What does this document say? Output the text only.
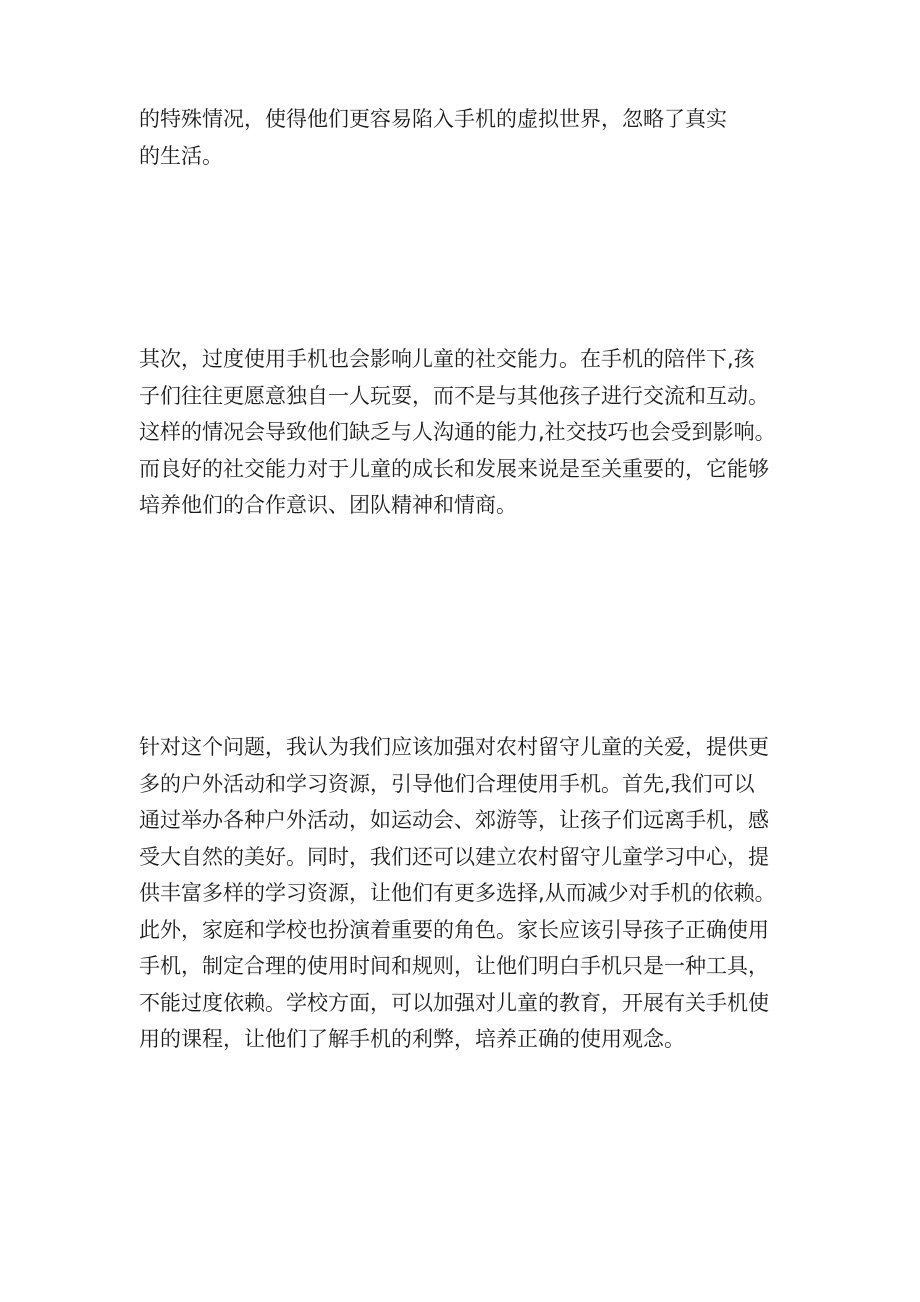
的特殊情况，使得他们更容易陷入手机的虚拟世界，忽略了真实
的生活。
其次，过度使用手机也会影响儿童的社交能力。在手机的陪伴下,孩
子们往往更愿意独自一人玩耍，而不是与其他孩子进行交流和互动。
这样的情况会导致他们缺乏与人沟通的能力,社交技巧也会受到影响。
而良好的社交能力对于儿童的成长和发展来说是至关重要的，它能够
培养他们的合作意识、团队精神和情商。
针对这个问题，我认为我们应该加强对农村留守儿童的关爱，提供更
多的户外活动和学习资源，引导他们合理使用手机。首先,我们可以
通过举办各种户外活动，如运动会、郊游等，让孩子们远离手机，感
受大自然的美好。同时，我们还可以建立农村留守儿童学习中心，提
供丰富多样的学习资源，让他们有更多选择,从而减少对手机的依赖。
此外，家庭和学校也扮演着重要的角色。家长应该引导孩子正确使用
手机，制定合理的使用时间和规则，让他们明白手机只是一种工具，
不能过度依赖。学校方面，可以加强对儿童的教育，开展有关手机使
用的课程，让他们了解手机的利弊，培养正确的使用观念。
